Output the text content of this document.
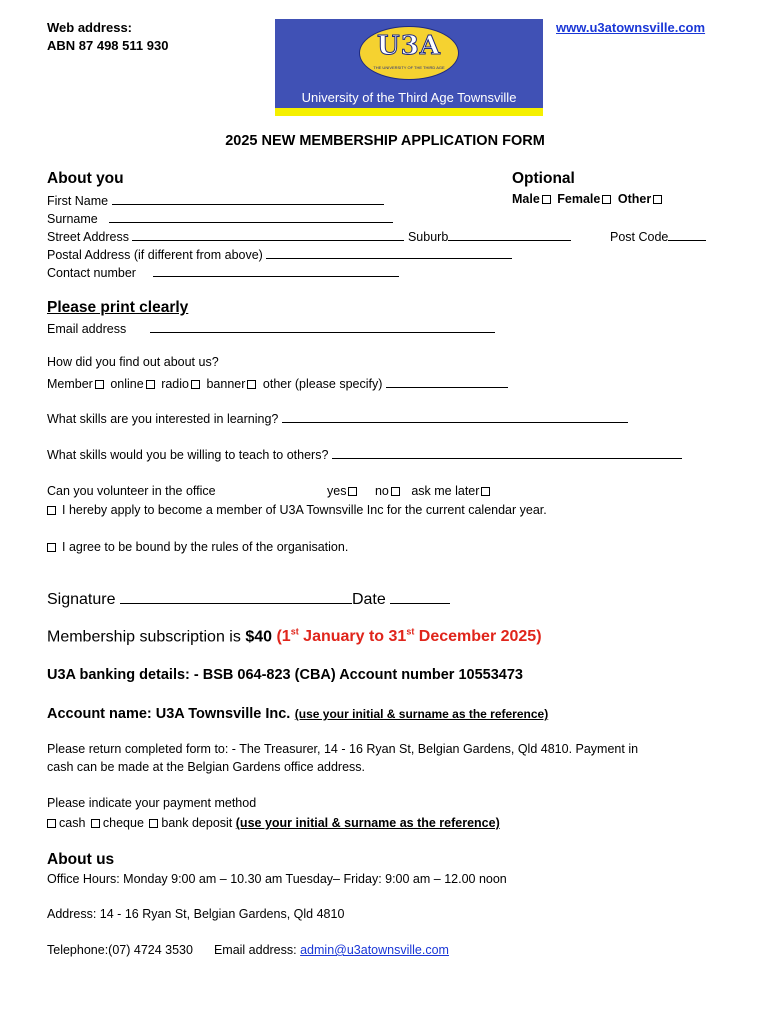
Web address:
ABN 87 498 511 930
www.u3atownsville.com
U3A
THE UNIVERSITY OF THE THIRD AGE
University of the Third Age Townsville
2025 NEW MEMBERSHIP APPLICATION FORM
About you	Optional
First Name	Male Female Other
Surname
Street Address	Suburb	Post Code
Postal Address (if different from above)
Contact number
Please print clearly
Email address
How did you find out about us?
Member online radio banner other (please specify)
What skills are you interested in learning?
What skills would you be willing to teach to others?
Can you volunteer in the office	yes no ask me later
I hereby apply to become a member of U3A Townsville Inc for the current calendar year.
I agree to be bound by the rules of the organisation.
Signature	Date
Membership subscription is $40 (1st January to 31st December 2025)
U3A banking details: - BSB 064-823 (CBA) Account number 10553473
Account name: U3A Townsville Inc. (use your initial & surname as the reference)
Please return completed form to: - The Treasurer, 14 - 16 Ryan St, Belgian Gardens, Qld 4810. Payment in
cash can be made at the Belgian Gardens office address.
Please indicate your payment method
cash cheque bank deposit (use your initial & surname as the reference)
About us
Office Hours: Monday 9:00 am – 10.30 am Tuesday– Friday: 9:00 am – 12.00 noon
Address: 14 - 16 Ryan St, Belgian Gardens, Qld 4810
Telephone:(07) 4724 3530 Email address: admin@u3atownsville.com
